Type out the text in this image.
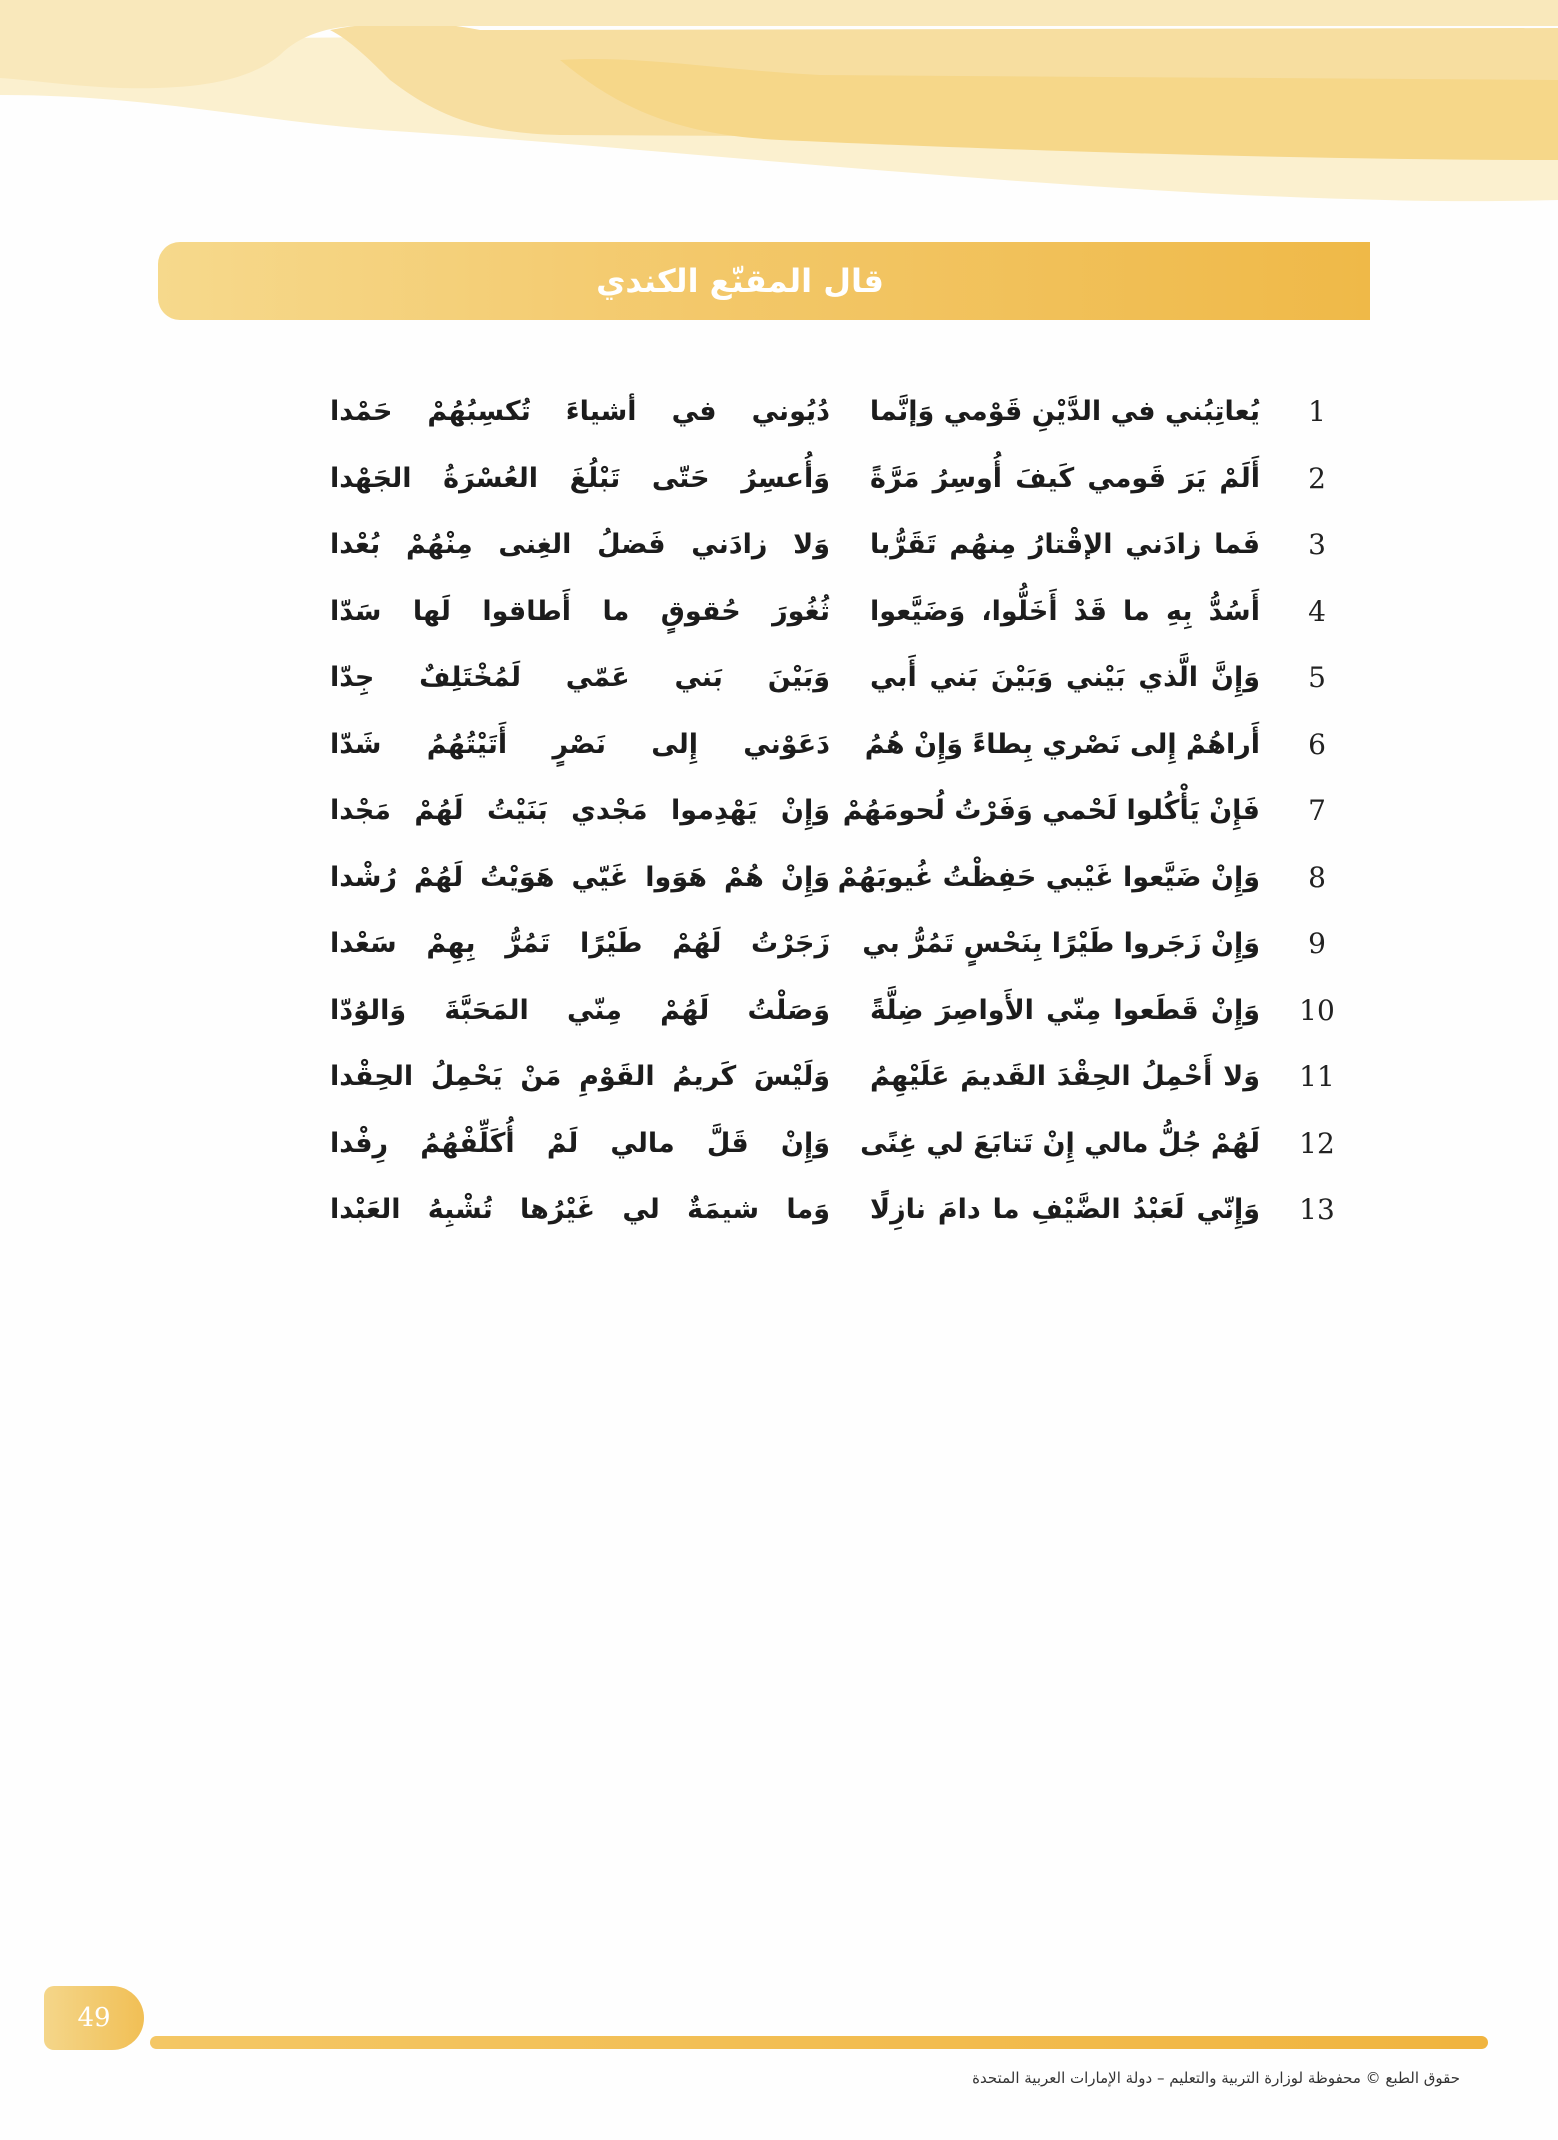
قال المقنّع الكندي
1
يُعاتِبُني في الدَّيْنِ قَوْمي وَإنَّما
دُيُوني في أشياءَ تُكسِبُهُمْ حَمْدا
2
أَلَمْ يَرَ قَومي كَيفَ أُوسِرُ مَرَّةً
وَأُعسِرُ حَتّى تَبْلُغَ العُسْرَةُ الجَهْدا
3
فَما زادَني الإقْتارُ مِنهُم تَقَرُّبا
وَلا زادَني فَضلُ الغِنى مِنْهُمْ بُعْدا
4
أَسُدُّ بِهِ ما قَدْ أَخَلُّوا، وَضَيَّعوا
ثُغُورَ حُقوقٍ ما أَطاقوا لَها سَدّا
5
وَإِنَّ الَّذي بَيْني وَبَيْنَ بَني أَبي
وَبَيْنَ بَني عَمّي لَمُخْتَلِفٌ جِدّا
6
أَراهُمْ إِلى نَصْري بِطاءً وَإِنْ هُمُ
دَعَوْني إِلى نَصْرٍ أَتَيْتُهُمُ شَدّا
7
فَإِنْ يَأْكُلوا لَحْمي وَفَرْتُ لُحومَهُمْ
وَإِنْ يَهْدِموا مَجْدي بَنَيْتُ لَهُمْ مَجْدا
8
وَإِنْ ضَيَّعوا غَيْبي حَفِظْتُ غُيوبَهُمْ
وَإِنْ هُمْ هَوَوا غَيّي هَوَيْتُ لَهُمْ رُشْدا
9
وَإِنْ زَجَروا طَيْرًا بِنَحْسٍ تَمُرُّ بي
زَجَرْتُ لَهُمْ طَيْرًا تَمُرُّ بِهِمْ سَعْدا
10
وَإِنْ قَطَعوا مِنّي الأَواصِرَ ضِلَّةً
وَصَلْتُ لَهُمْ مِنّي المَحَبَّةَ وَالوُدّا
11
وَلا أَحْمِلُ الحِقْدَ القَديمَ عَلَيْهِمُ
وَلَيْسَ كَريمُ القَوْمِ مَنْ يَحْمِلُ الحِقْدا
12
لَهُمْ جُلُّ مالي إِنْ تَتابَعَ لي غِنًى
وَإِنْ قَلَّ مالي لَمْ أُكَلِّفْهُمُ رِفْدا
13
وَإِنّي لَعَبْدُ الضَّيْفِ ما دامَ نازِلًا
وَما شيمَةٌ لي غَيْرُها تُشْبِهُ العَبْدا
49
حقوق الطبع © محفوظة لوزارة التربية والتعليم – دولة الإمارات العربية المتحدة
